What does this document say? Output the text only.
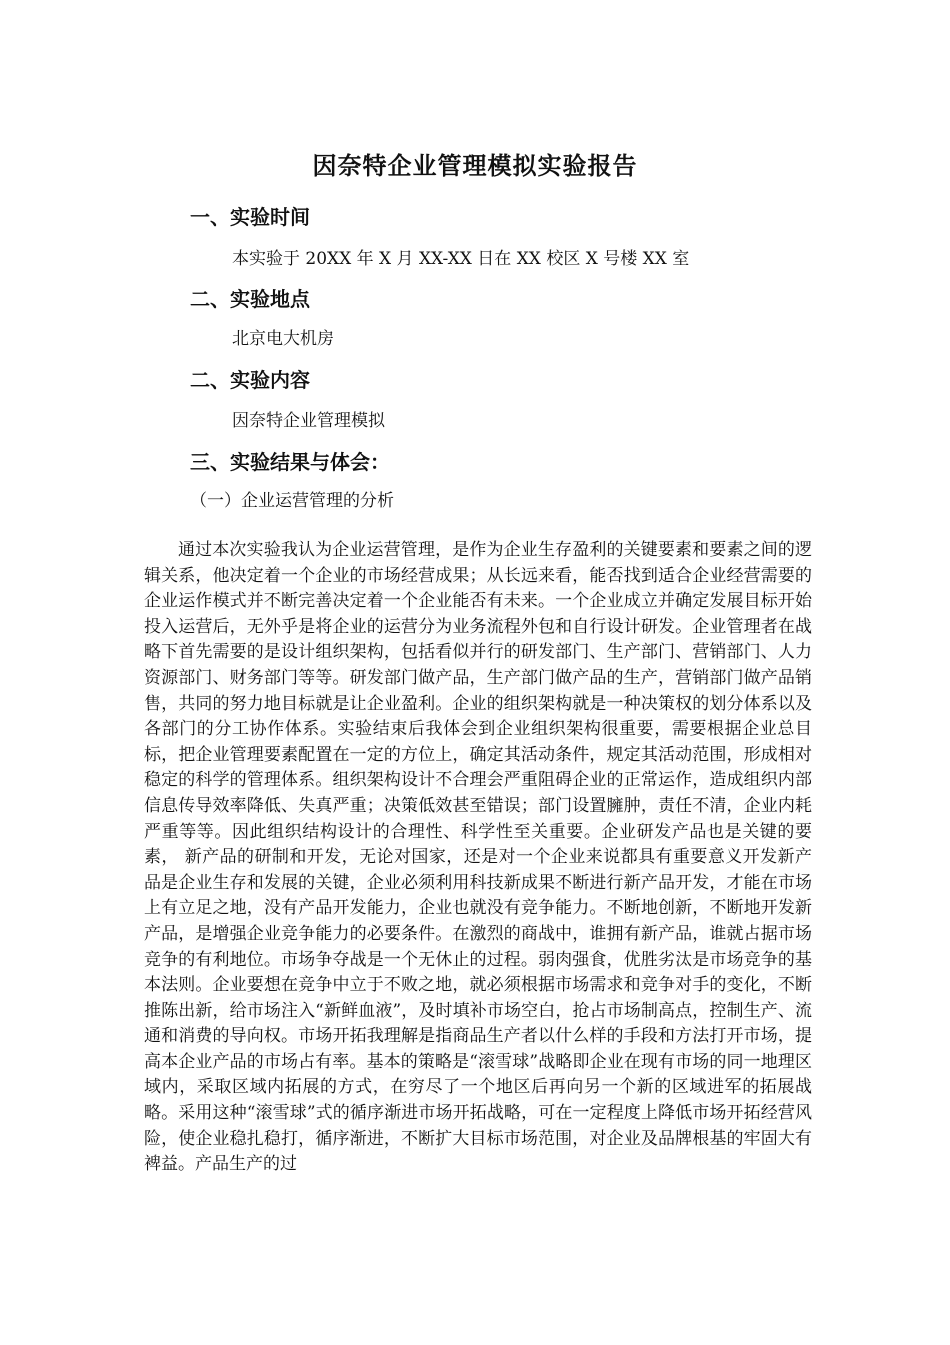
因奈特企业管理模拟实验报告
一、实验时间

本实验于 20XX 年 X 月 XX-XX 日在 XX 校区 X 号楼 XX 室

二、实验地点

北京电大机房

二、实验内容

因奈特企业管理模拟

三、实验结果与体会：

（一）企业运营管理的分析

通过本次实验我认为企业运营管理，是作为企业生存盈利的关键要素和要素之间的逻辑关系，他决定着一个企业的市场经营成果；从长远来看，能否找到适合企业经营需要的企业运作模式并不断完善决定着一个企业能否有未来。一个企业成立并确定发展目标开始投入运营后，无外乎是将企业的运营分为业务流程外包和自行设计研发。企业管理者在战略下首先需要的是设计组织架构，包括看似并行的研发部门、生产部门、营销部门、人力资源部门、财务部门等等。研发部门做产品，生产部门做产品的生产，营销部门做产品销售，共同的努力地目标就是让企业盈利。企业的组织架构就是一种决策权的划分体系以及各部门的分工协作体系。实验结束后我体会到企业组织架构很重要，需要根据企业总目标，把企业管理要素配置在一定的方位上，确定其活动条件，规定其活动范围，形成相对稳定的科学的管理体系。组织架构设计不合理会严重阻碍企业的正常运作，造成组织内部信息传导效率降低、失真严重；决策低效甚至错误；部门设置臃肿，责任不清，企业内耗严重等等。因此组织结构设计的合理性、科学性至关重要。企业研发产品也是关键的要素， 新产品的研制和开发，无论对国家，还是对一个企业来说都具有重要意义开发新产品是企业生存和发展的关键，企业必须利用科技新成果不断进行新产品开发，才能在市场上有立足之地，没有产品开发能力，企业也就没有竞争能力。不断地创新，不断地开发新产品，是增强企业竞争能力的必要条件。在激烈的商战中，谁拥有新产品，谁就占据市场竞争的有利地位。市场争夺战是一个无休止的过程。弱肉强食，优胜劣汰是市场竞争的基本法则。企业要想在竞争中立于不败之地，就必须根据市场需求和竞争对手的变化，不断推陈出新，给市场注入“新鲜血液”，及时填补市场空白，抢占市场制高点，控制生产、流通和消费的导向权。市场开拓我理解是指商品生产者以什么样的手段和方法打开市场，提高本企业产品的市场占有率。基本的策略是“滚雪球”战略即企业在现有市场的同一地理区域内，采取区域内拓展的方式，在穷尽了一个地区后再向另一个新的区域进军的拓展战略。采用这种“滚雪球”式的循序渐进市场开拓战略，可在一定程度上降低市场开拓经营风险，使企业稳扎稳打，循序渐进，不断扩大目标市场范围，对企业及品牌根基的牢固大有裨益。产品生产的过
